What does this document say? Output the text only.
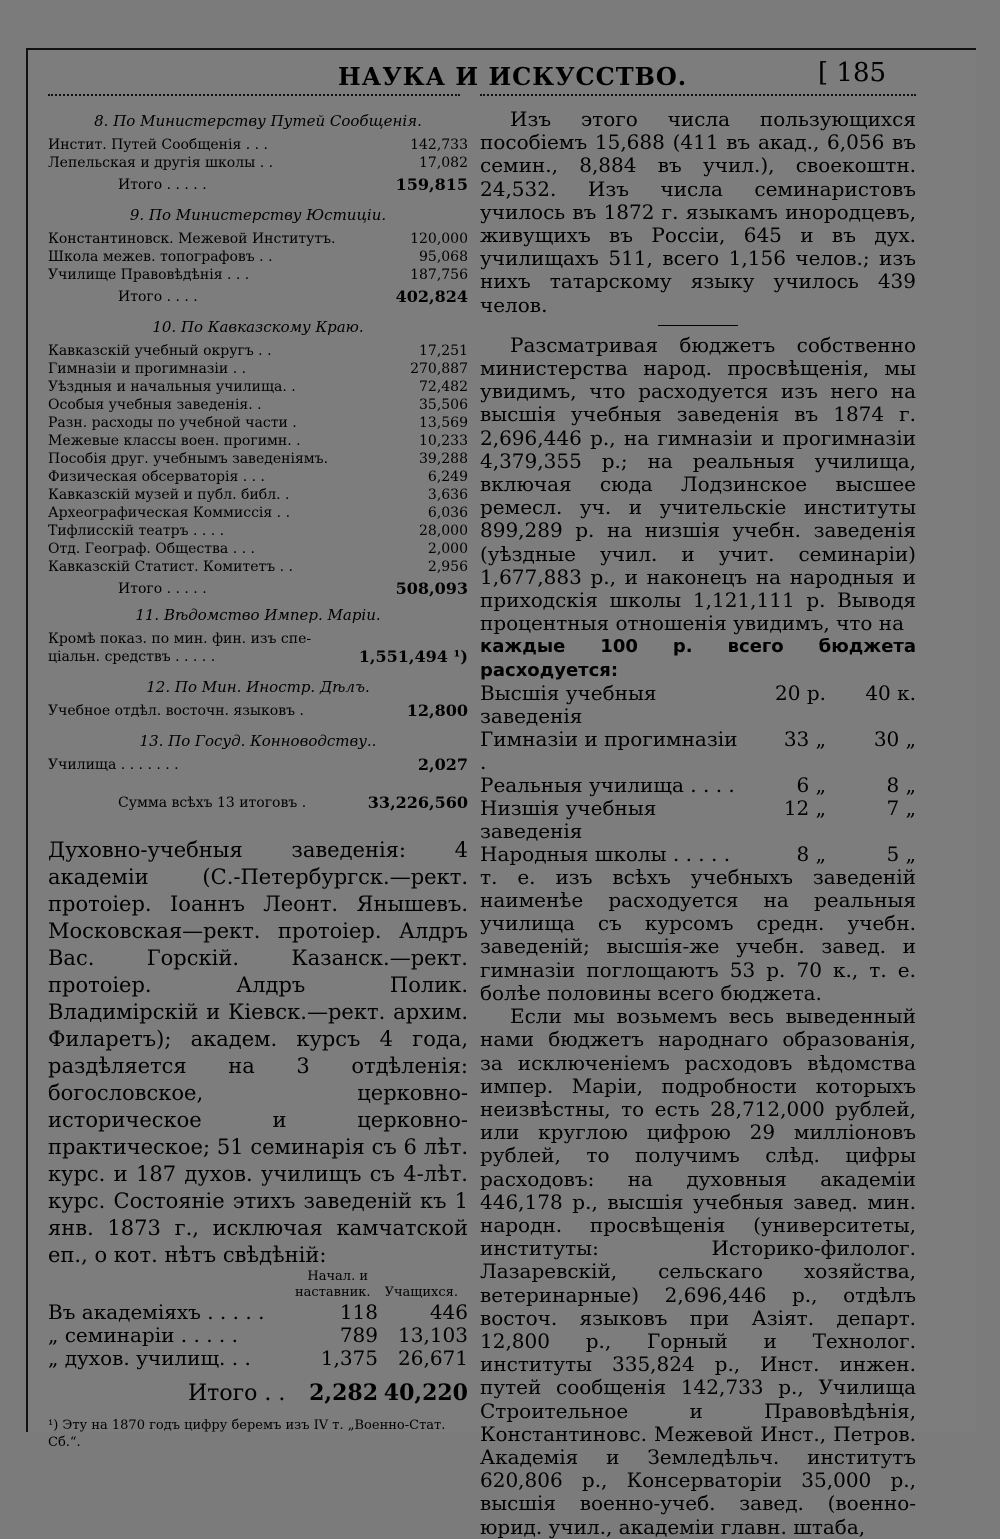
НАУКА И ИСКУССТВО.	[ 185
8. По Министерству Путей Сообщенія.
Инстит. Путей Сообщенія . . .	142,733
Лепельская и другія школы . .	17,082
Итого . . . . .	159,815
9. По Министерству Юстиціи.
Константиновск. Межевой Институтъ.	120,000
Школа межев. топографовъ . .	95,068
Училище Правовѣдѣнія . . .	187,756
Итого . . . .	402,824
10. По Кавказскому Краю.
Кавказскій учебный округъ . .	17,251
Гимназіи и прогимназіи . .	270,887
Уѣздныя и начальныя училища. .	72,482
Особыя учебныя заведенія. .	35,506
Разн. расходы по учебной части .	13,569
Межевые классы воен. прогимн. .	10,233
Пособія друг. учебнымъ заведеніямъ.	39,288
Физическая обсерваторія . . .	6,249
Кавказскій музей и публ. библ. .	3,636
Археографическая Коммиссія . .	6,036
Тифлисскій театръ . . . .	28,000
Отд. Географ. Общества . . .	2,000
Кавказскій Статист. Комитетъ . .	2,956
Итого . . . . .	508,093
11. Вѣдомство Импер. Маріи.
Кромѣ показ. по мин. фин. изъ спе-
ціальн. средствъ . . . . .	1,551,494 ¹)
12. По Мин. Иностр. Дѣлъ.
Учебное отдѣл. восточн. языковъ .	12,800
13. По Госуд. Конноводству..
Училища . . . . . . .	2,027
Сумма всѣхъ 13 итоговъ .	33,226,560

Духовно-учебныя заведенія: 4 академіи (С.-Петербургск.—рект. протоіер. Іоаннъ Леонт. Янышевъ. Московская—рект. протоіер. Алдръ Вас. Горскій. Казанск.—рект. протоіер. Алдръ Полик. Владимірскій и Кіевск.—рект. архим. Филаретъ); академ. курсъ 4 года, раздѣляется на 3 отдѣленія: богословское, церковно-историческое и церковно-практическое; 51 семинарія съ 6 лѣт. курс. и 187 духов. училищъ съ 4-лѣт. курс. Состояніе этихъ заведеній къ 1 янв. 1873 г., исключая камчатской еп., о кот. нѣтъ свѣдѣній:

Начал. и
наставник. Учащихся.
Въ академіяхъ . . . . .	118	446
„ семинаріи . . . . .	789	13,103
„ духов. училищ. . .	1,375	26,671
Итого . .	2,282 40,220
¹) Эту на 1870 годъ цифру беремъ изъ IV т. „Военно-Стат. Сб.“.

Изъ этого числа пользующихся пособіемъ 15,688 (411 въ акад., 6,056 въ семин., 8,884 въ учил.), своекоштн. 24,532. Изъ числа семинаристовъ училось въ 1872 г. языкамъ инородцевъ, живущихъ въ Россіи, 645 и въ дух. училищахъ 511, всего 1,156 челов.; изъ нихъ татарскому языку училось 439 челов.

Разсматривая бюджетъ собственно министерства народ. просвѣщенія, мы увидимъ, что расходуется изъ него на высшія учебныя заведенія въ 1874 г. 2,696,446 р., на гимназіи и прогимназіи 4,379,355 р.; на реальныя училища, включая сюда Лодзинское высшее ремесл. уч. и учительскіе институты 899,289 р. на низшія учебн. заведенія (уѣздные учил. и учит. семинаріи) 1,677,883 р., и наконецъ на народныя и приходскія школы 1,121,111 р. Выводя процентныя отношенія увидимъ, что на

каждые 100 р. всего бюджета расходуется:

Высшія учебныя заведенія
20 р.	40 к.
Гимназіи и прогимназіи .
33 „	30 „
Реальныя училища . . . .	6 „	8 „
Низшія учебныя заведенія
12 „	7 „
Народныя школы . . . . .	8 „	5 „

т. е. изъ всѣхъ учебныхъ заведеній наименѣе расходуется на реальныя училища съ курсомъ средн. учебн. заведеній; высшія-же учебн. завед. и гимназіи поглощаютъ 53 р. 70 к., т. е. болѣе половины всего бюджета.

Если мы возьмемъ весь выведенный нами бюджетъ народнаго образованія, за исключеніемъ расходовъ вѣдомства импер. Маріи, подробности которыхъ неизвѣстны, то есть 28,712,000 рублей, или круглою цифрою 29 милліоновъ рублей, то получимъ слѣд. цифры расходовъ: на духовныя академіи 446,178 р., высшія учебныя завед. мин. народн. просвѣщенія (университеты, институты: Историко-филолог. Лазаревскій, сельскаго хозяйства, ветеринарные) 2,696,446 р., отдѣлъ восточ. языковъ при Азіят. департ. 12,800 р., Горный и Технолог. институты 335,824 р., Инст. инжен. путей сообщенія 142,733 р., Училища Строительное и Правовѣдѣнія, Константиновс. Межевой Инст., Петров. Академія и Земледѣльч. институтъ 620,806 р., Консерваторіи 35,000 р., высшія военно-учеб. завед. (военно-юрид. учил., академіи главн. штаба,
